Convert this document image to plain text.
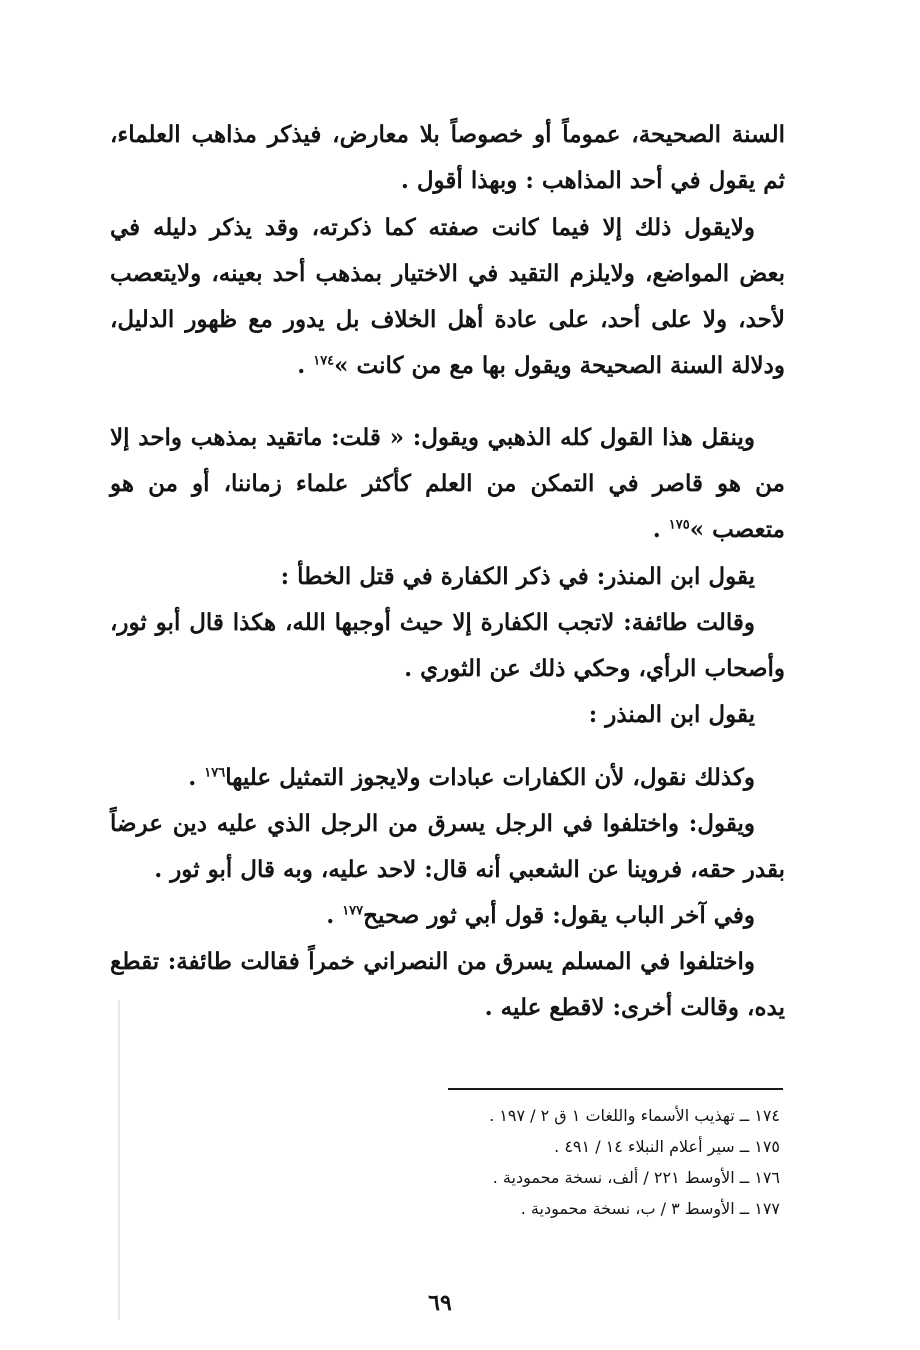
السنة الصحيحة، عموماً أو خصوصاً بلا معارض، فيذكر مذاهب العلماء، ثم يقول في أحد المذاهب : وبهذا أقول .

ولايقول ذلك إلا فيما كانت صفته كما ذكرته، وقد يذكر دليله في بعض المواضع، ولايلزم التقيد في الاختيار بمذهب أحد بعينه، ولايتعصب لأحد، ولا على أحد، على عادة أهل الخلاف بل يدور مع ظهور الدليل، ودلالة السنة الصحيحة ويقول بها مع من كانت »$^{١٧٤}$ .

وينقل هذا القول كله الذهبي ويقول: « قلت: ماتقيد بمذهب واحد إلا من هو قاصر في التمكن من العلم كأكثر علماء زماننا، أو من هو متعصب »$^{١٧٥}$ .

يقول ابن المنذر: في ذكر الكفارة في قتل الخطأ :

وقالت طائفة: لاتجب الكفارة إلا حيث أوجبها الله، هكذا قال أبو ثور، وأصحاب الرأي، وحكي ذلك عن الثوري .

يقول ابن المنذر :

وكذلك نقول، لأن الكفارات عبادات ولايجوز التمثيل عليها$^{١٧٦}$ .

ويقول: واختلفوا في الرجل يسرق من الرجل الذي عليه دين عرضاً بقدر حقه، فروينا عن الشعبي أنه قال: لاحد عليه، وبه قال أبو ثور .

وفي آخر الباب يقول: قول أبي ثور صحيح$^{١٧٧}$ .

واختلفوا في المسلم يسرق من النصراني خمراً فقالت طائفة: تقطع يده، وقالت أخرى: لاقطع عليه .

١٧٤ ــ تهذيب الأسماء واللغات ١ ق ٢ / ١٩٧ .
١٧٥ ــ سير أعلام النبلاء ١٤ / ٤٩١ .
١٧٦ ــ الأوسط ٢٢١ / ألف، نسخة محمودية .
١٧٧ ــ الأوسط ٣ / ب، نسخة محمودية .
٦٩
